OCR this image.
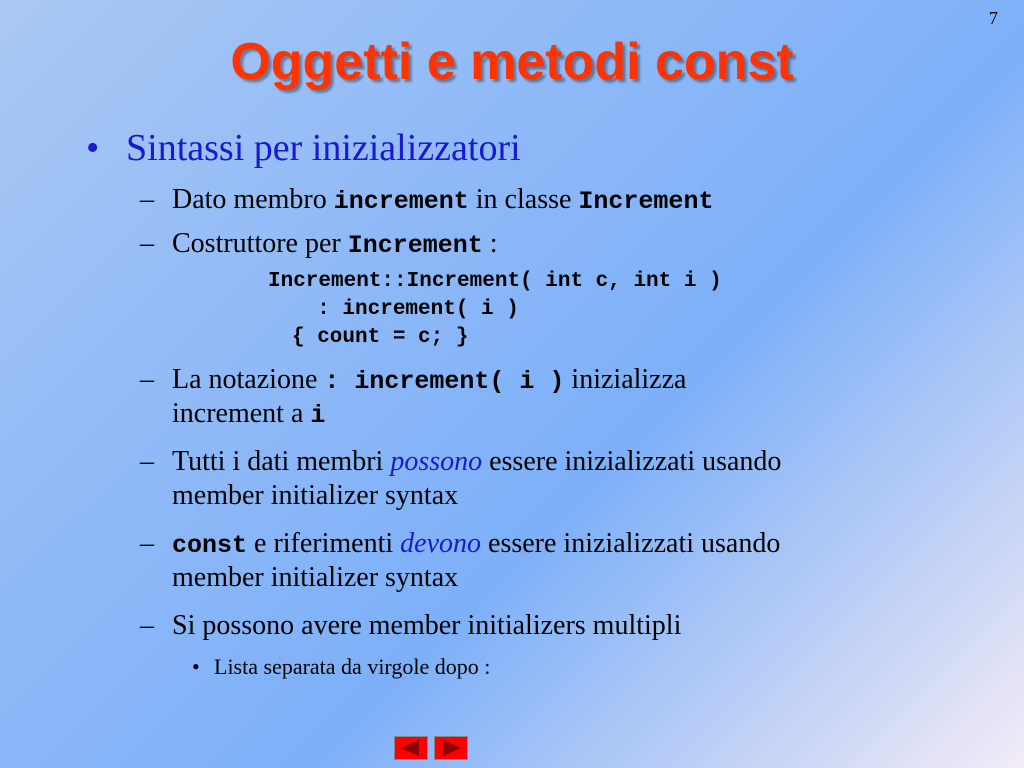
7
Oggetti e metodi const
• Sintassi per inizializzatori
– Dato membro increment in classe Increment
– Costruttore per Increment :
Increment::Increment( int c, int i )
: increment( i )
{ count = c; }
– La notazione : increment( i ) inizializza
increment a i
– Tutti i dati membri possono essere inizializzati usando
member initializer syntax
– const e riferimenti devono essere inizializzati usando
member initializer syntax
– Si possono avere member initializers multipli
• Lista separata da virgole dopo :
